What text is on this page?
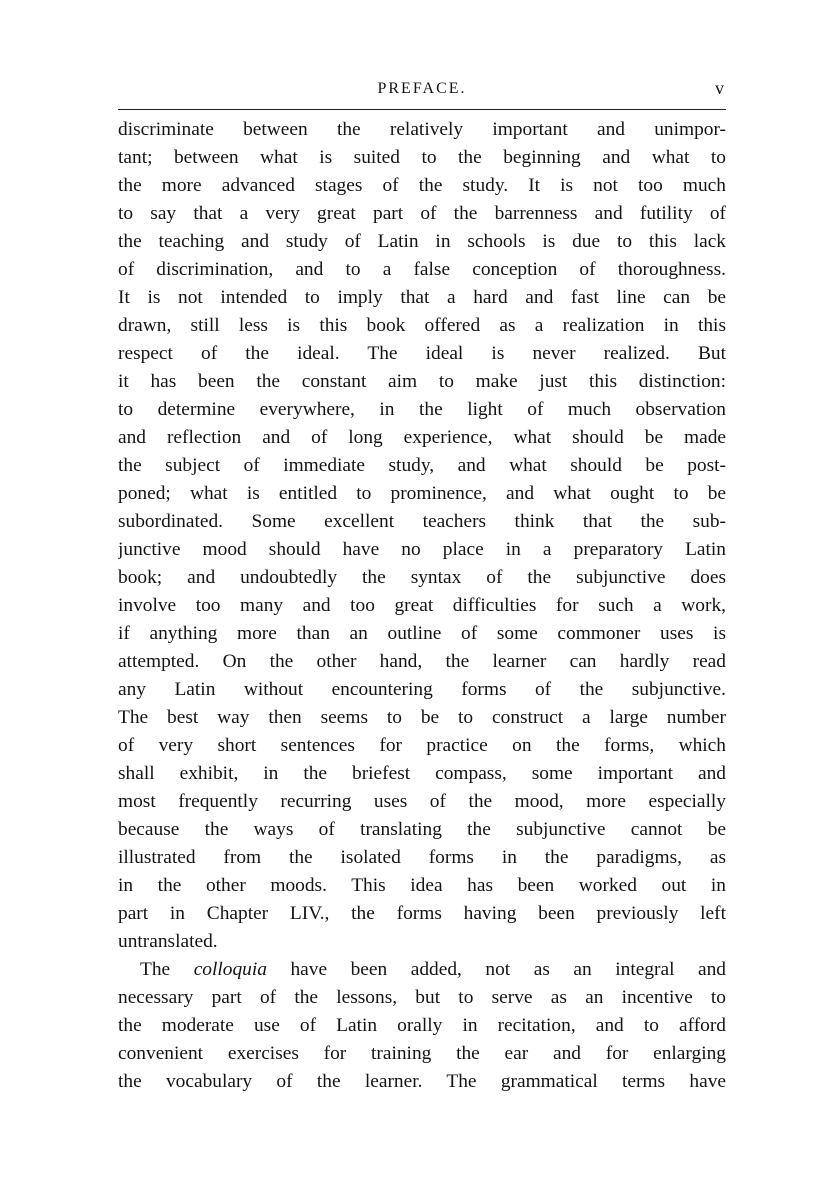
PREFACE.	v
discriminate between the relatively important and unimpor-
tant; between what is suited to the beginning and what to
the more advanced stages of the study. It is not too much
to say that a very great part of the barrenness and futility of
the teaching and study of Latin in schools is due to this lack
of discrimination, and to a false conception of thoroughness.
It is not intended to imply that a hard and fast line can be
drawn, still less is this book offered as a realization in this
respect of the ideal. The ideal is never realized. But
it has been the constant aim to make just this distinction:
to determine everywhere, in the light of much observation
and reflection and of long experience, what should be made
the subject of immediate study, and what should be post-
poned; what is entitled to prominence, and what ought to be
subordinated. Some excellent teachers think that the sub-
junctive mood should have no place in a preparatory Latin
book; and undoubtedly the syntax of the subjunctive does
involve too many and too great difficulties for such a work,
if anything more than an outline of some commoner uses is
attempted. On the other hand, the learner can hardly read
any Latin without encountering forms of the subjunctive.
The best way then seems to be to construct a large number
of very short sentences for practice on the forms, which
shall exhibit, in the briefest compass, some important and
most frequently recurring uses of the mood, more especially
because the ways of translating the subjunctive cannot be
illustrated from the isolated forms in the paradigms, as
in the other moods. This idea has been worked out in
part in Chapter LIV., the forms having been previously left
untranslated.
The colloquia have been added, not as an integral and
necessary part of the lessons, but to serve as an incentive to
the moderate use of Latin orally in recitation, and to afford
convenient exercises for training the ear and for enlarging
the vocabulary of the learner. The grammatical terms have
